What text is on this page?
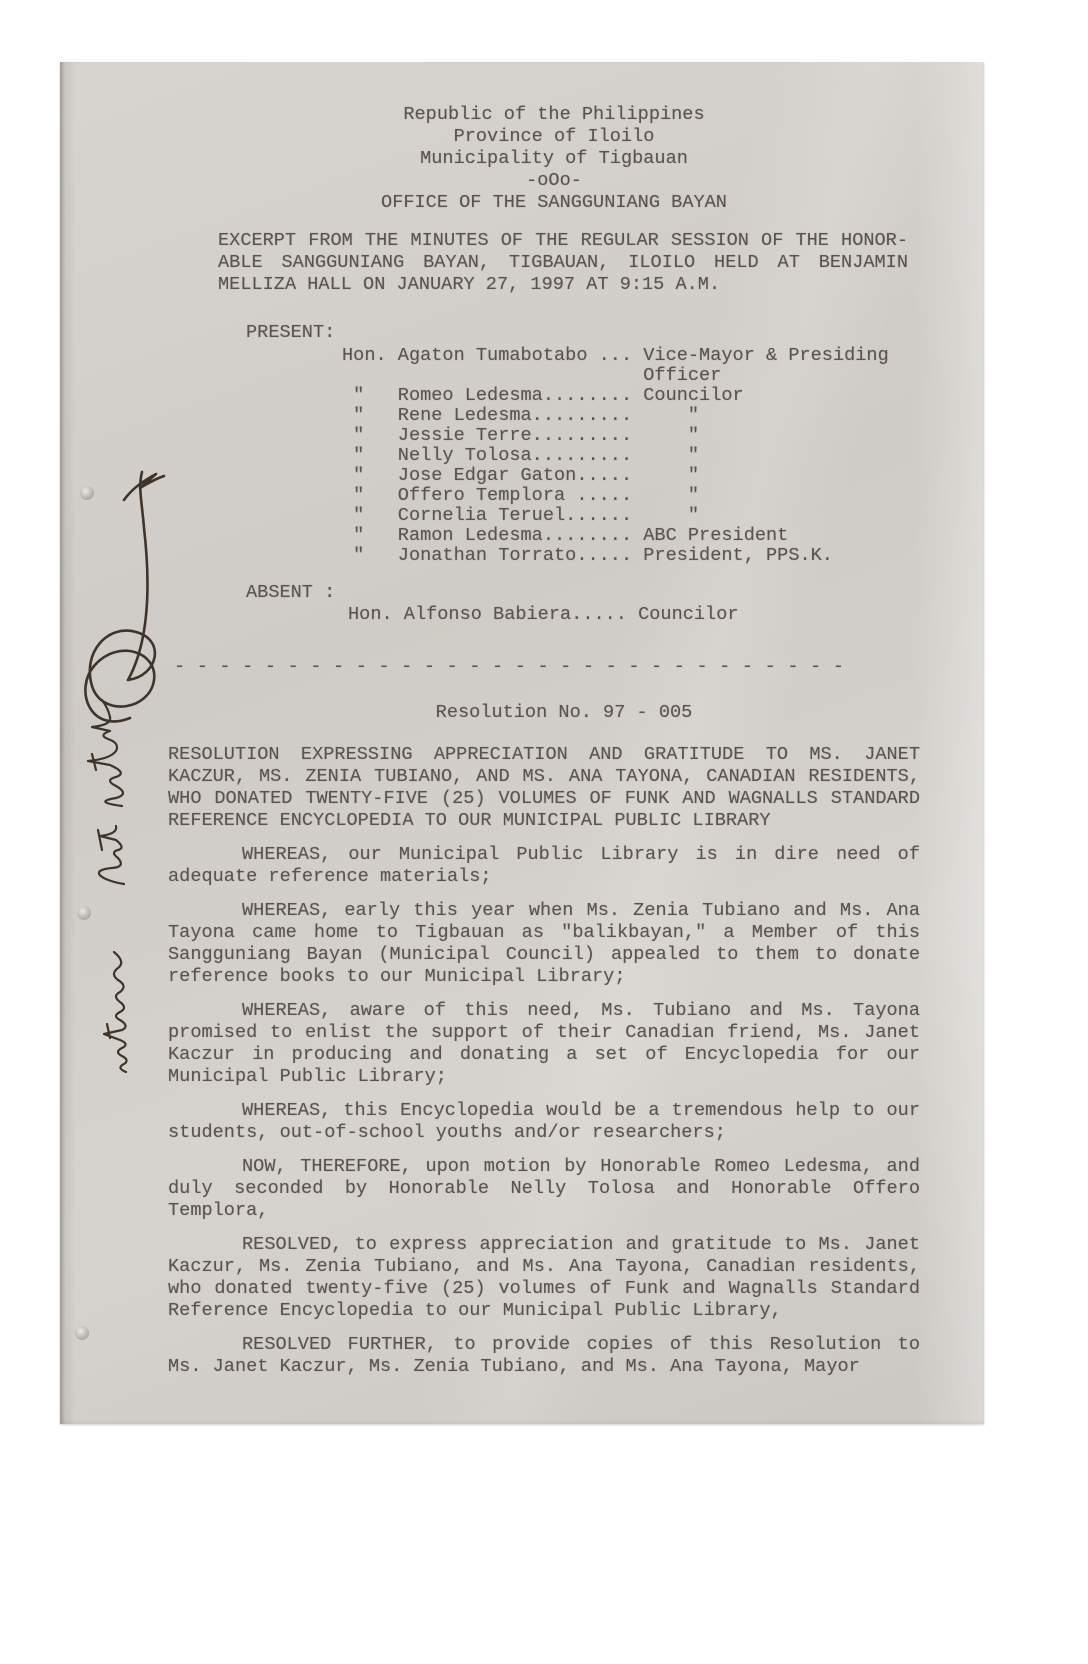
Republic of the Philippines
Province of Iloilo
Municipality of Tigbauan
-oOo-
OFFICE OF THE SANGGUNIANG BAYAN
EXCERPT FROM THE MINUTES OF THE REGULAR SESSION OF THE HONOR-
ABLE SANGGUNIANG BAYAN, TIGBAUAN, ILOILO HELD AT BENJAMIN
MELLIZA HALL ON JANUARY 27, 1997 AT 9:15 A.M.
PRESENT:
Hon. Agaton Tumabotabo ... Vice-Mayor & Presiding
Officer
"   Romeo Ledesma........ Councilor
"   Rene Ledesma.........     "
"   Jessie Terre.........     "
"   Nelly Tolosa.........     "
"   Jose Edgar Gaton.....     "
"   Offero Templora .....     "
"   Cornelia Teruel......     "
"   Ramon Ledesma........ ABC President
"   Jonathan Torrato..... President, PPS.K.
ABSENT :
Hon. Alfonso Babiera..... Councilor
- - - - - - - - - - - - - - - - - - - - - - - - - - - - - -
Resolution No. 97 - 005
RESOLUTION EXPRESSING APPRECIATION AND GRATITUDE TO MS. JANET
KACZUR, MS. ZENIA TUBIANO, AND MS. ANA TAYONA, CANADIAN RESIDENTS,
WHO DONATED TWENTY-FIVE (25) VOLUMES OF FUNK AND WAGNALLS STANDARD
REFERENCE ENCYCLOPEDIA TO OUR MUNICIPAL PUBLIC LIBRARY
WHEREAS, our Municipal Public Library is in dire need of
adequate reference materials;
WHEREAS, early this year when Ms. Zenia Tubiano and Ms. Ana
Tayona came home to Tigbauan as "balikbayan," a Member of this
Sangguniang Bayan (Municipal Council) appealed to them to donate
reference books to our Municipal Library;
WHEREAS, aware of this need, Ms. Tubiano and Ms. Tayona
promised to enlist the support of their Canadian friend, Ms. Janet
Kaczur in producing and donating a set of Encyclopedia for our
Municipal Public Library;
WHEREAS, this Encyclopedia would be a tremendous help to our
students, out-of-school youths and/or researchers;
NOW, THEREFORE, upon motion by Honorable Romeo Ledesma, and
duly seconded by Honorable Nelly Tolosa and Honorable Offero
Templora,
RESOLVED, to express appreciation and gratitude to Ms. Janet
Kaczur, Ms. Zenia Tubiano, and Ms. Ana Tayona, Canadian residents,
who donated twenty-five (25) volumes of Funk and Wagnalls Standard
Reference Encyclopedia to our Municipal Public Library,
RESOLVED FURTHER, to provide copies of this Resolution to
Ms. Janet Kaczur, Ms. Zenia Tubiano, and Ms. Ana Tayona, Mayor
